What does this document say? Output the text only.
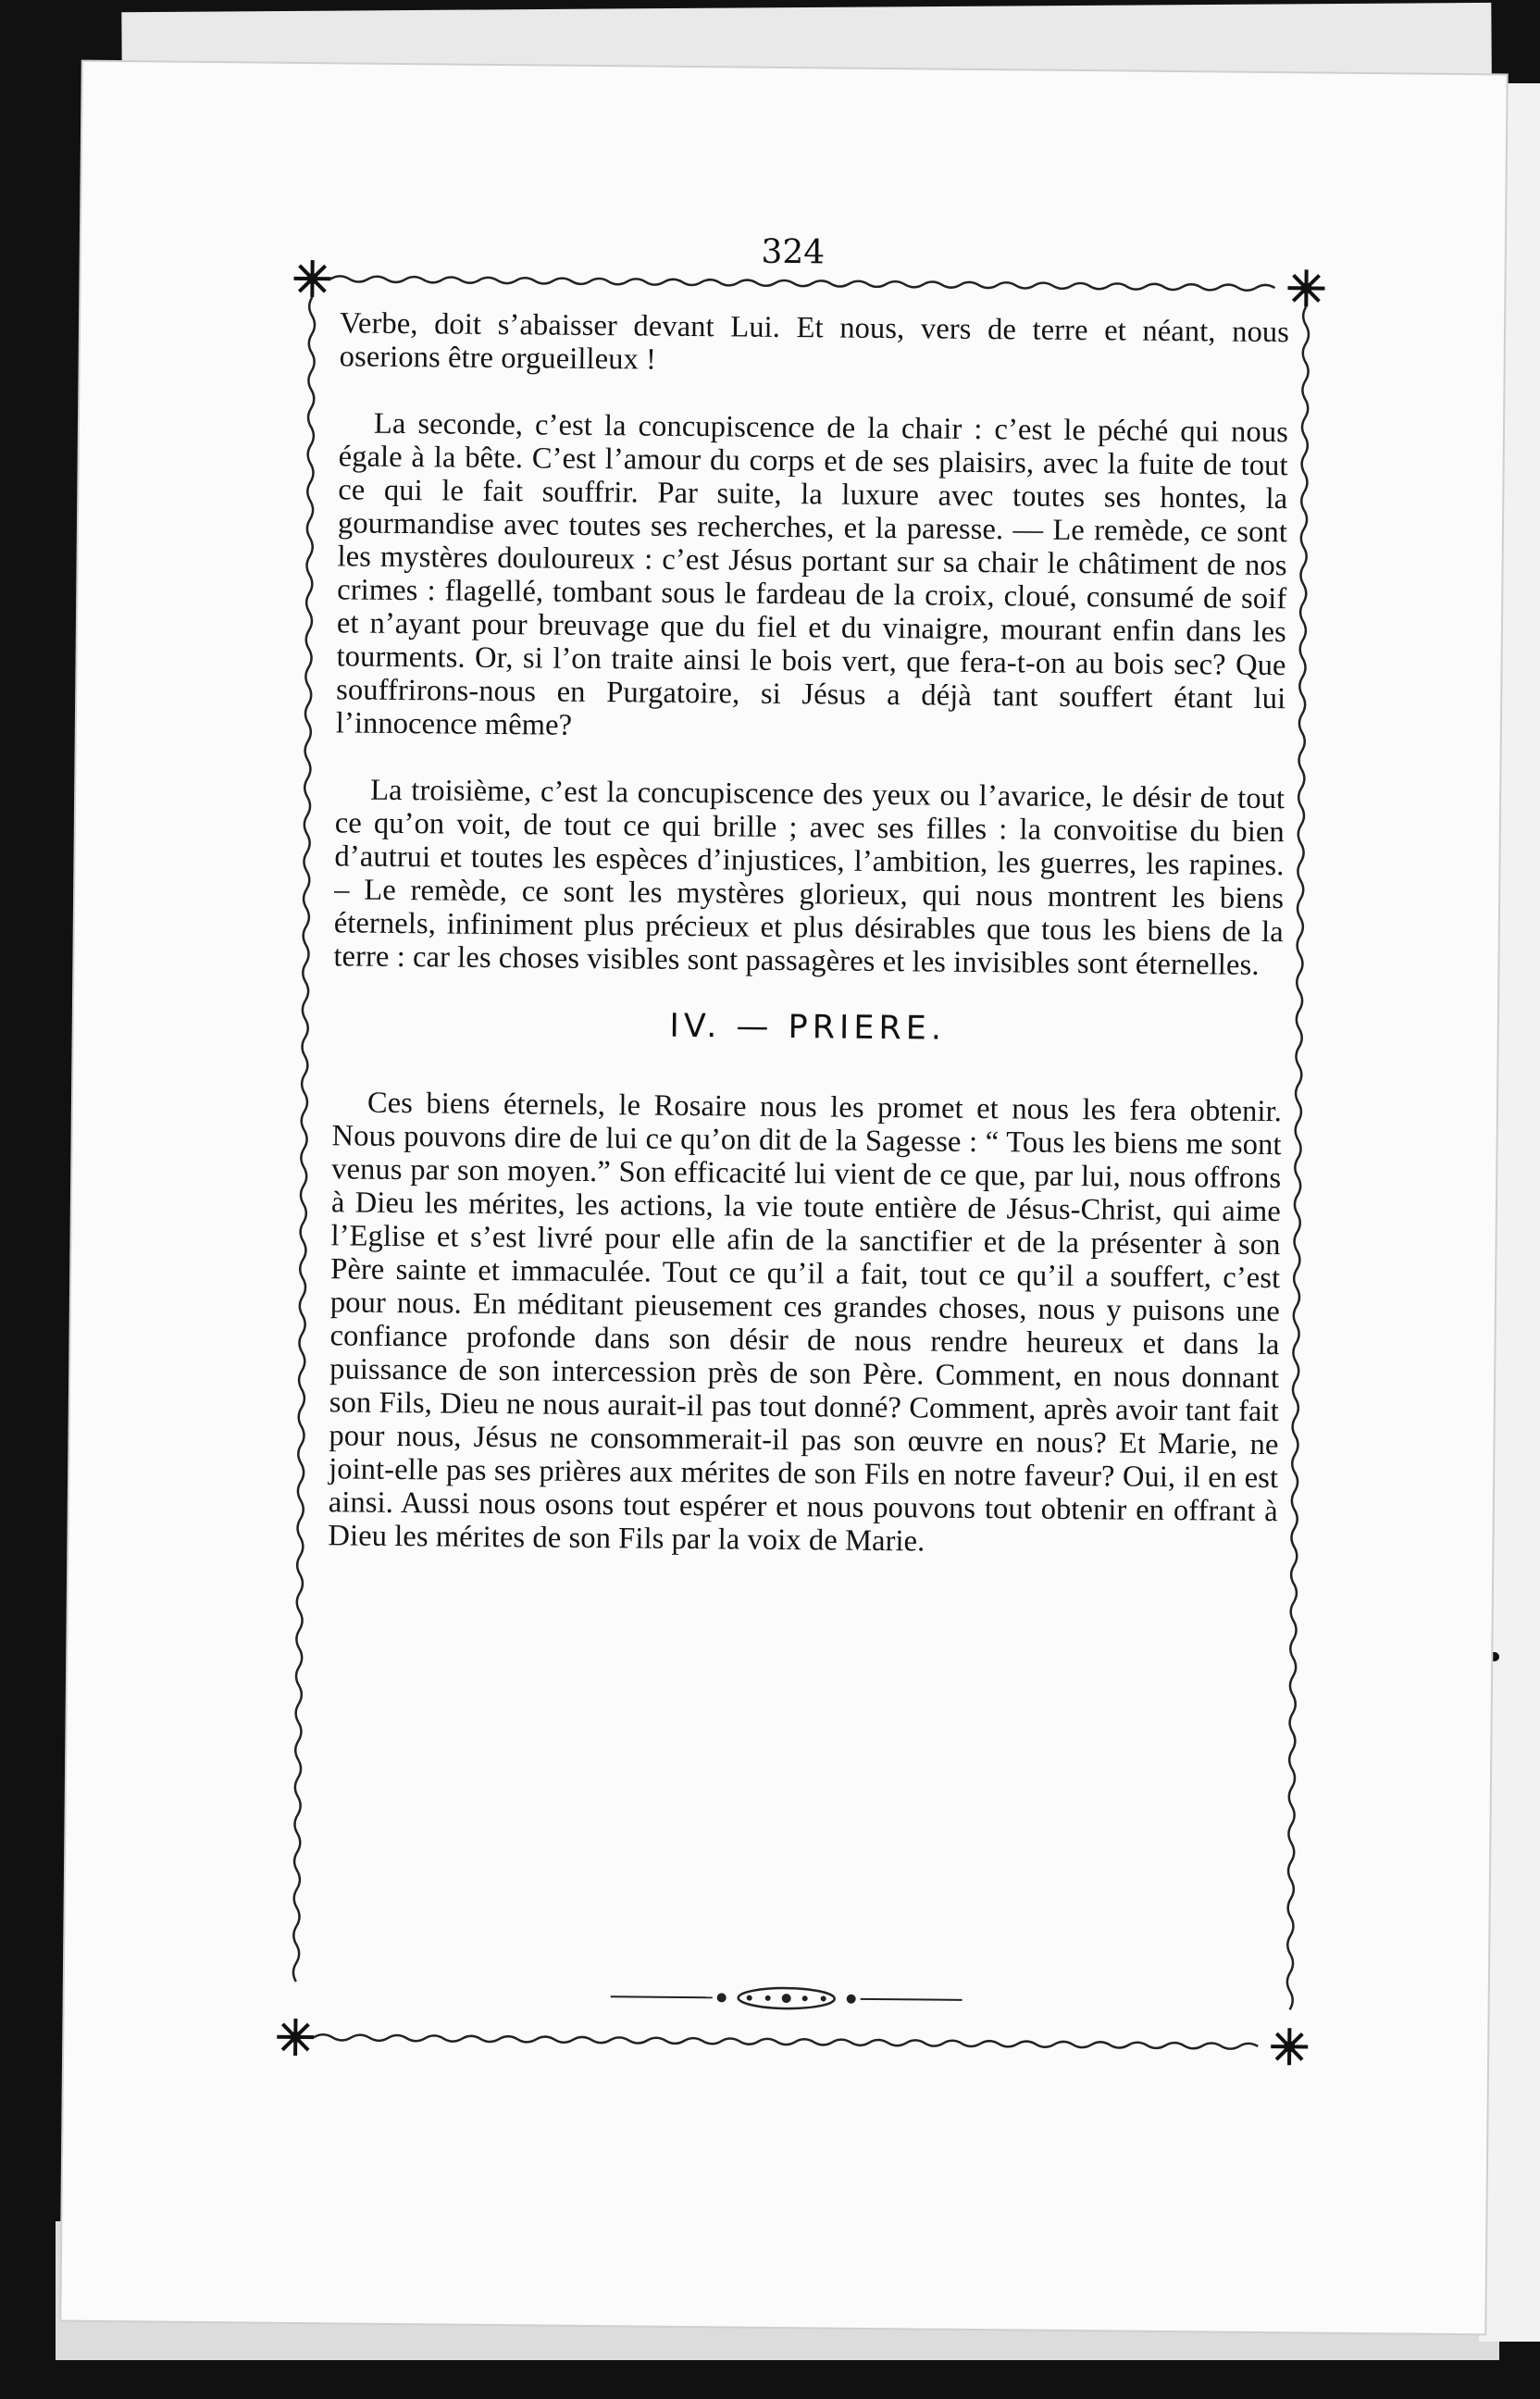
324

Verbe, doit s’abaisser devant Lui. Et nous, vers de terre et néant, nous oserions être orgueilleux !

La seconde, c’est la concupiscence de la chair : c’est le péché qui nous égale à la bête. C’est l’amour du corps et de ses plaisirs, avec la fuite de tout ce qui le fait souffrir. Par suite, la luxure avec toutes ses hontes, la gourmandise avec toutes ses recherches, et la paresse. — Le remède, ce sont les mystères douloureux : c’est Jésus portant sur sa chair le châtiment de nos crimes : flagellé, tombant sous le fardeau de la croix, cloué, consumé de soif et n’ayant pour breuvage que du fiel et du vinaigre, mourant enfin dans les tourments. Or, si l’on traite ainsi le bois vert, que fera-t-on au bois sec? Que souffrirons-nous en Purgatoire, si Jésus a déjà tant souffert étant lui l’innocence même?

La troisième, c’est la concupiscence des yeux ou l’avarice, le désir de tout ce qu’on voit, de tout ce qui brille ; avec ses filles : la convoitise du bien d’autrui et toutes les espèces d’injustices, l’ambition, les guerres, les rapines. – Le remède, ce sont les mystères glorieux, qui nous montrent les biens éternels, infiniment plus précieux et plus désirables que tous les biens de la terre : car les choses visibles sont passagères et les invisibles sont éternelles.

IV. — PRIERE.

Ces biens éternels, le Rosaire nous les promet et nous les fera obtenir. Nous pouvons dire de lui ce qu’on dit de la Sagesse : “ Tous les biens me sont venus par son moyen.” Son efficacité lui vient de ce que, par lui, nous offrons à Dieu les mérites, les actions, la vie toute entière de Jésus-Christ, qui aime l’Eglise et s’est livré pour elle afin de la sanctifier et de la présenter à son Père sainte et immaculée. Tout ce qu’il a fait, tout ce qu’il a souffert, c’est pour nous. En méditant pieusement ces grandes choses, nous y puisons une confiance profonde dans son désir de nous rendre heureux et dans la puissance de son intercession près de son Père. Comment, en nous donnant son Fils, Dieu ne nous aurait-il pas tout donné? Comment, après avoir tant fait pour nous, Jésus ne consommerait-il pas son œuvre en nous? Et Marie, ne joint-elle pas ses prières aux mérites de son Fils en notre faveur? Oui, il en est ainsi. Aussi nous osons tout espérer et nous pouvons tout obtenir en offrant à Dieu les mérites de son Fils par la voix de Marie.
